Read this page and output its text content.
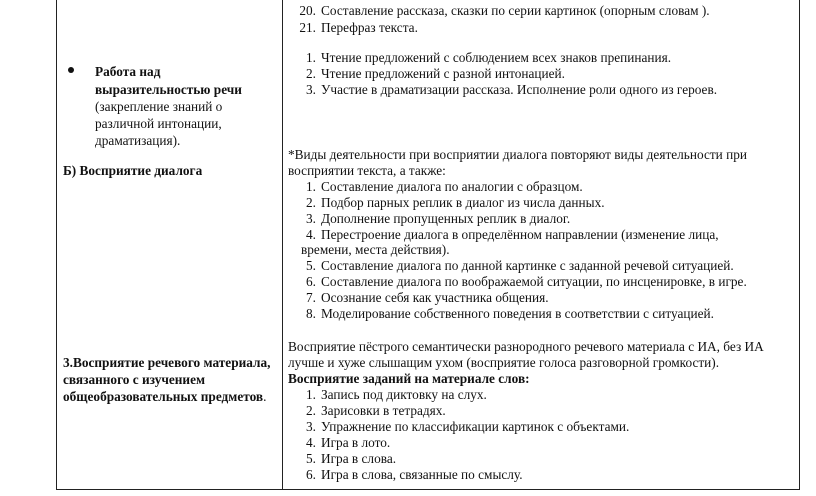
Работа над
выразительностью речи
(закрепление знаний о
различной интонации,
драматизация).
Б) Восприятие диалога
3.Восприятие речевого материала,
связанного с изучением
общеобразовательных предметов.
20. Составление рассказа, сказки по серии картинок (опорным словам ).
21. Перефраз текста.
1. Чтение предложений с соблюдением всех знаков препинания.
2. Чтение предложений с разной интонацией.
3. Участие в драматизации рассказа. Исполнение роли одного из героев.
*Виды деятельности при восприятии диалога повторяют виды деятельности при
восприятии текста, а также:
1. Составление диалога по аналогии с образцом.
2. Подбор парных реплик в диалог из числа данных.
3. Дополнение пропущенных реплик в диалог.
4. Перестроение диалога в определённом направлении (изменение лица,
времени, места действия).
5. Составление диалога по данной картинке с заданной речевой ситуацией.
6. Составление диалога по воображаемой ситуации, по инсценировке, в игре.
7. Осознание себя как участника общения.
8. Моделирование собственного поведения в соответствии с ситуацией.
Восприятие пёстрого семантически разнородного речевого материала с ИА, без ИА
лучше и хуже слышащим ухом (восприятие голоса разговорной громкости).
Восприятие заданий на материале слов:
1. Запись под диктовку на слух.
2. Зарисовки в тетрадях.
3. Упражнение по классификации картинок с объектами.
4. Игра в лото.
5. Игра в слова.
6. Игра в слова, связанные по смыслу.
